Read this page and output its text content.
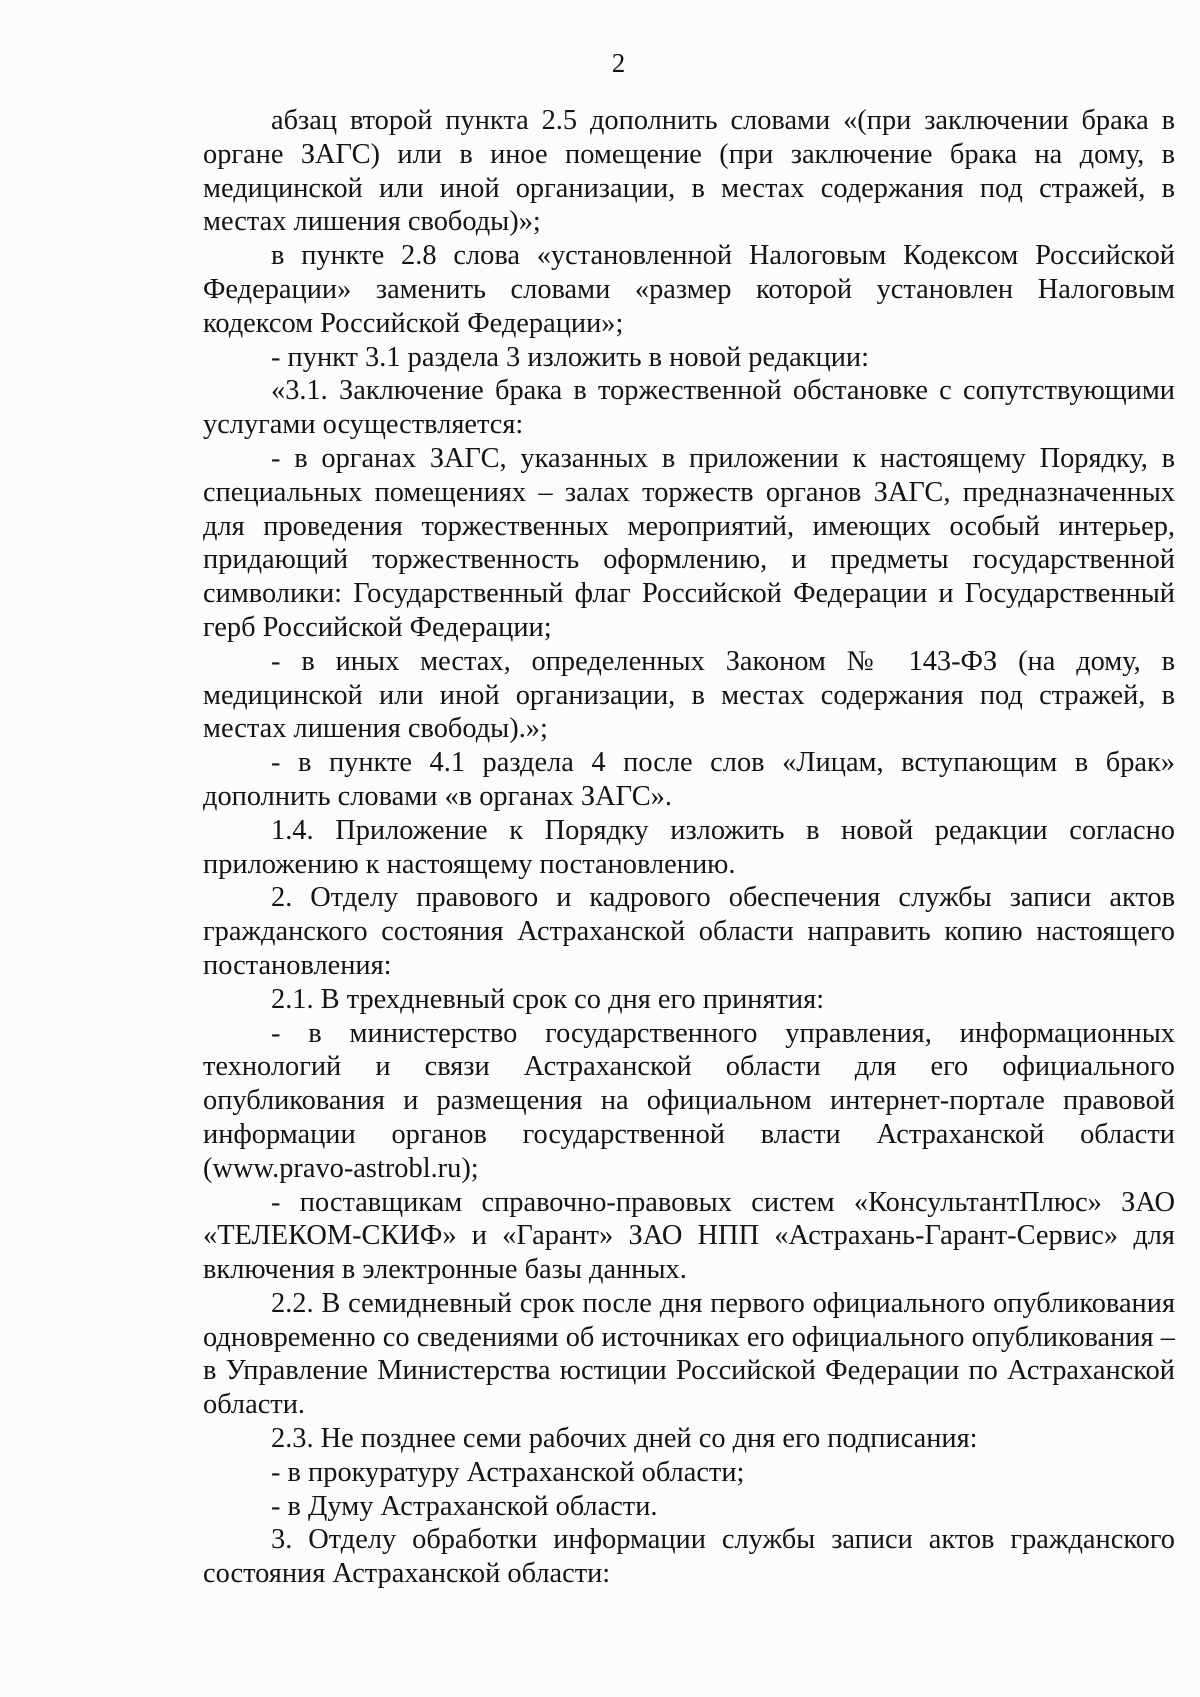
2

абзац второй пункта 2.5 дополнить словами «(при заключении брака в органе ЗАГС) или в иное помещение (при заключение брака на дому, в медицинской или иной организации, в местах содержания под стражей, в местах лишения свободы)»;

в пункте 2.8 слова «установленной Налоговым Кодексом Российской Федерации» заменить словами «размер которой установлен Налоговым кодексом Российской Федерации»;

- пункт 3.1 раздела 3 изложить в новой редакции:

«3.1. Заключение брака в торжественной обстановке с сопутствующими услугами осуществляется:

- в органах ЗАГС, указанных в приложении к настоящему Порядку, в специальных помещениях – залах торжеств органов ЗАГС, предназначенных для проведения торжественных мероприятий, имеющих особый интерьер, придающий торжественность оформлению, и предметы государственной символики: Государственный флаг Российской Федерации и Государственный герб Российской Федерации;

- в иных местах, определенных Законом № 143-ФЗ (на дому, в медицинской или иной организации, в местах содержания под стражей, в местах лишения свободы).»;

- в пункте 4.1 раздела 4 после слов «Лицам, вступающим в брак» дополнить словами «в органах ЗАГС».

1.4. Приложение к Порядку изложить в новой редакции согласно приложению к настоящему постановлению.

2. Отделу правового и кадрового обеспечения службы записи актов гражданского состояния Астраханской области направить копию настоящего постановления:

2.1. В трехдневный срок со дня его принятия:

- в министерство государственного управления, информационных технологий и связи Астраханской области для его официального опубликования и размещения на официальном интернет-портале правовой информации органов государственной власти Астраханской области (www.pravo-astrobl.ru);

- поставщикам справочно-правовых систем «КонсультантПлюс» ЗАО «ТЕЛЕКОМ-СКИФ» и «Гарант» ЗАО НПП «Астрахань-Гарант-Сервис» для включения в электронные базы данных.

2.2. В семидневный срок после дня первого официального опубликования одновременно со сведениями об источниках его официального опубликования – в Управление Министерства юстиции Российской Федерации по Астраханской области.

2.3. Не позднее семи рабочих дней со дня его подписания:

- в прокуратуру Астраханской области;

- в Думу Астраханской области.

3. Отделу обработки информации службы записи актов гражданского состояния Астраханской области:
